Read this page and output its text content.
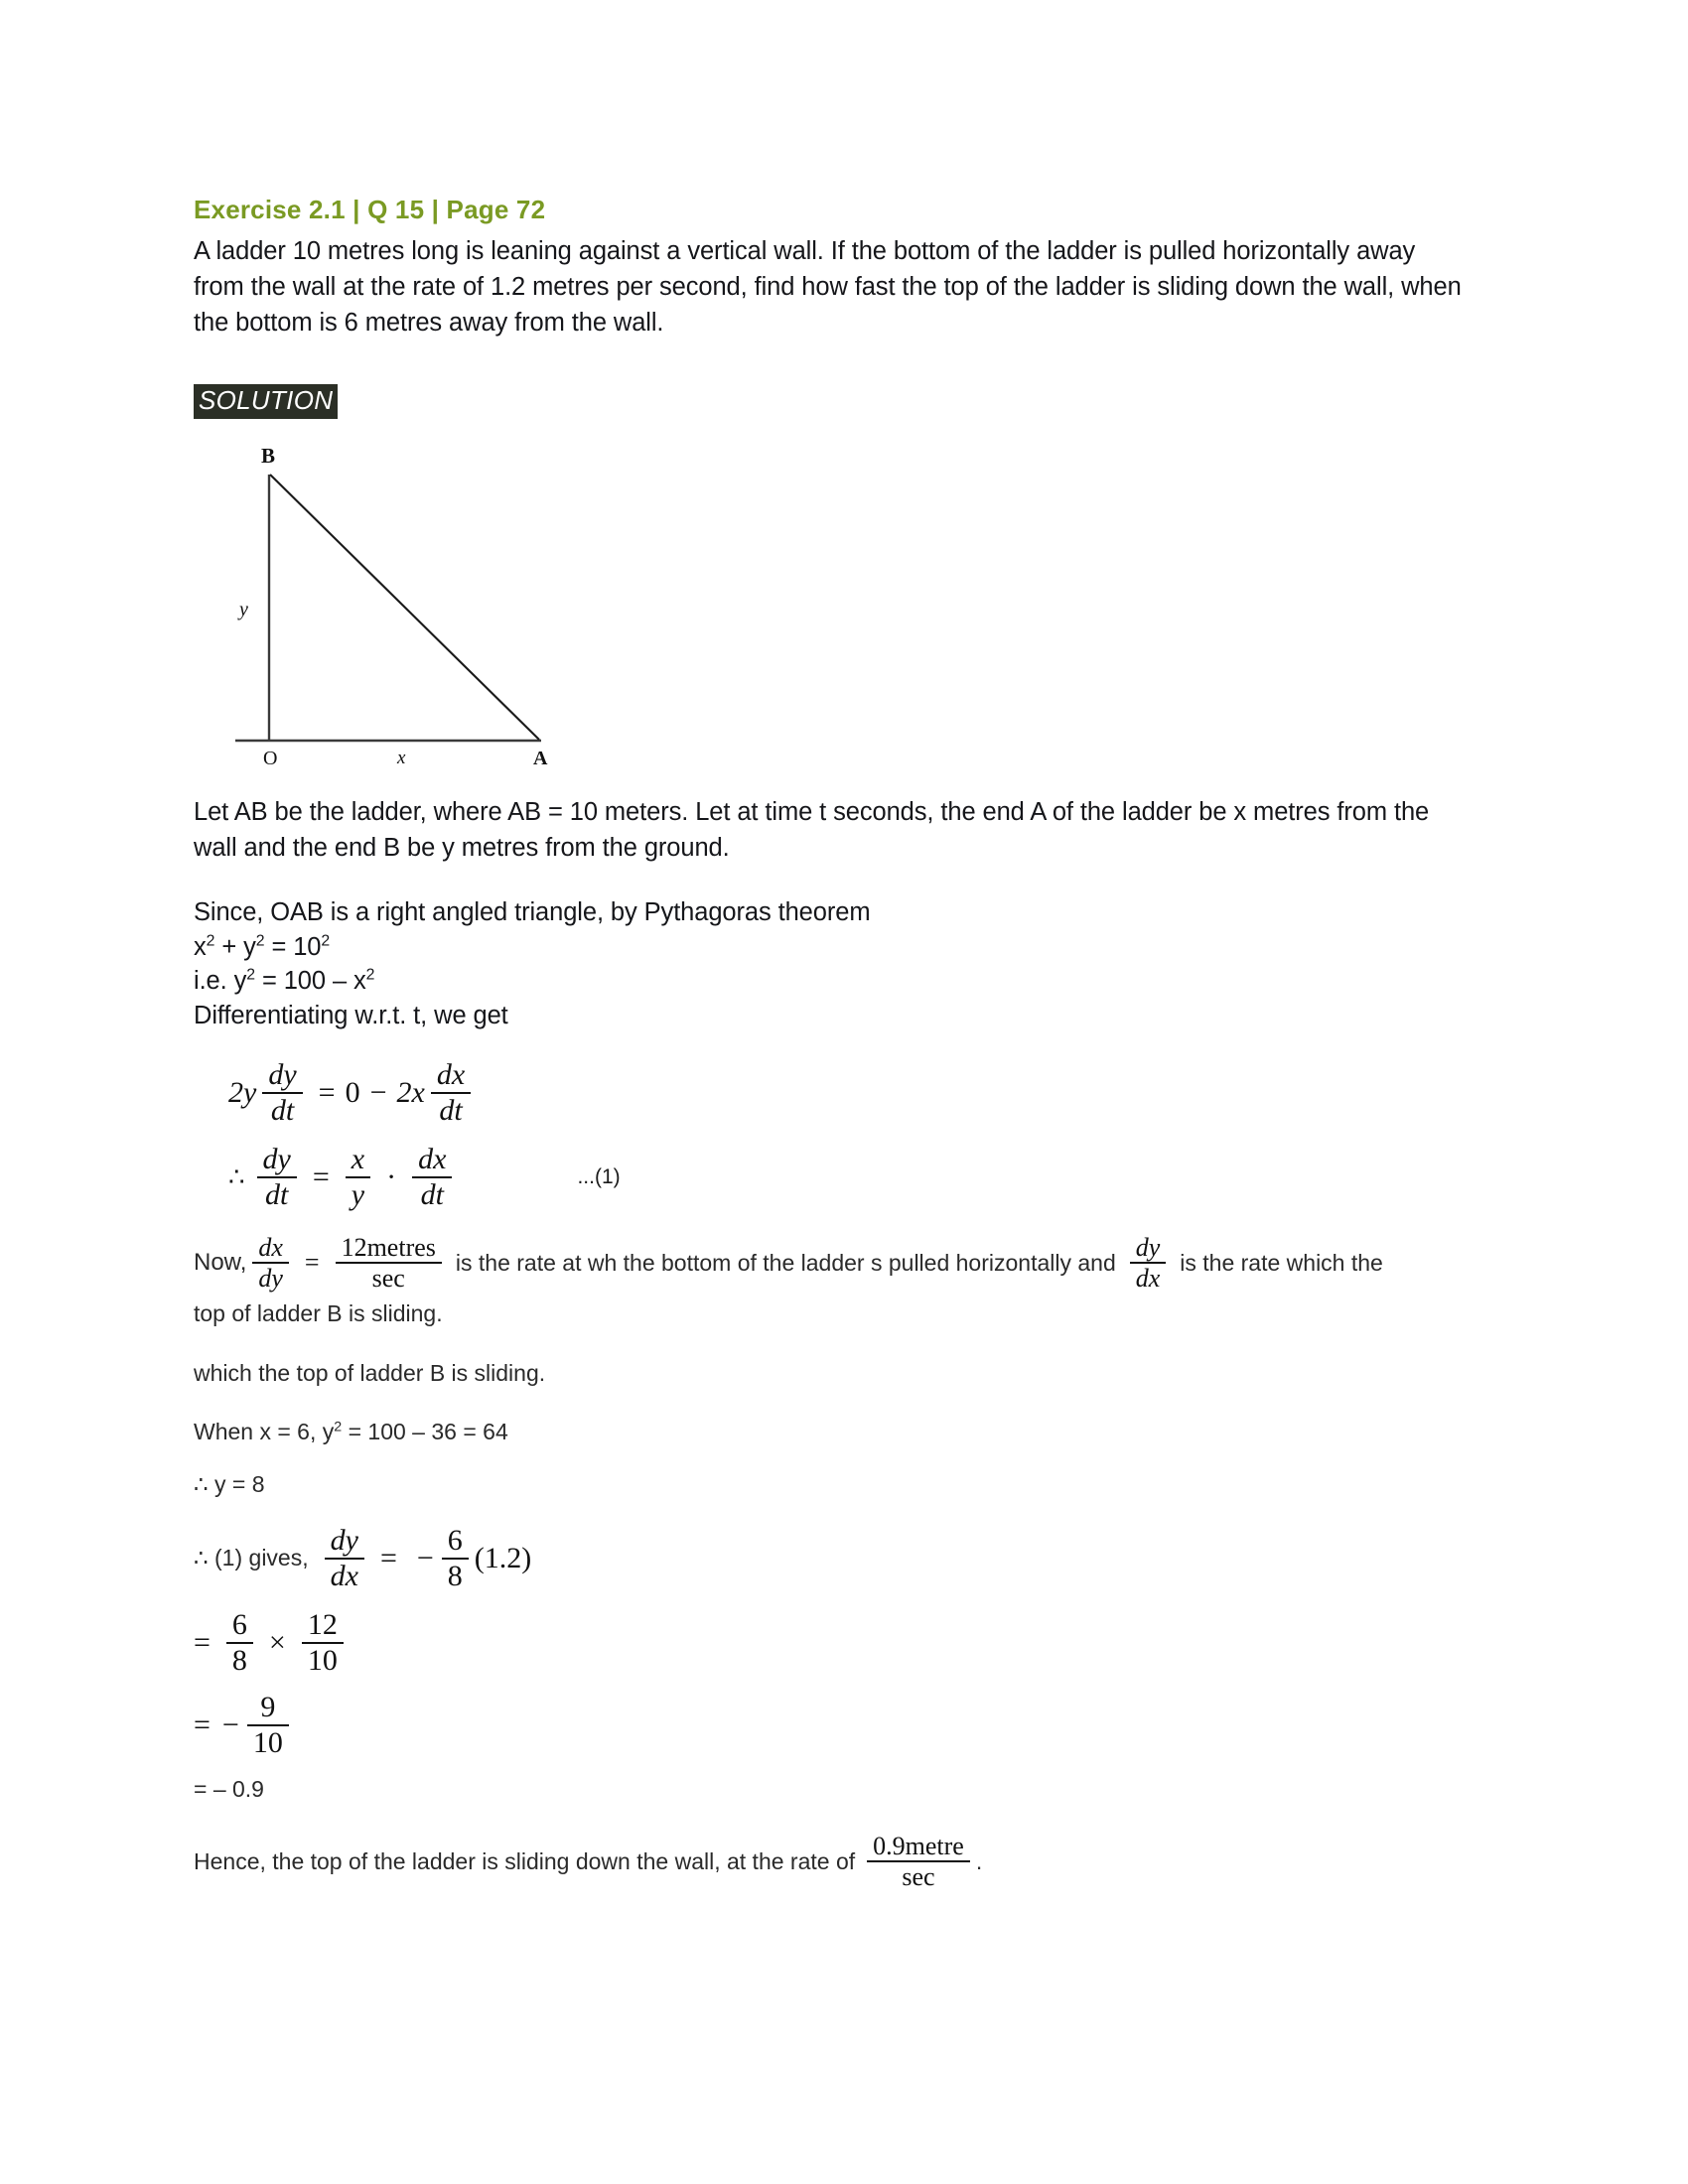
Exercise 2.1 | Q 15 | Page 72

A ladder 10 metres long is leaning against a vertical wall. If the bottom of the ladder is pulled horizontally away from the wall at the rate of 1.2 metres per second, find how fast the top of the ladder is sliding down the wall, when the bottom is 6 metres away from the wall.

SOLUTION
B
O	A
y
x

Let AB be the ladder, where AB = 10 meters. Let at time t seconds, the end A of the ladder be x metres from the wall and the end B be y metres from the ground.

Since, OAB is a right angled triangle, by Pythagoras theorem
$x^2 + y^2 = 10^2$
i.e. $y^2 = 100 - x^2$
Differentiating w.r.t. t, we get
$2y \frac{dy}{dt} = 0 - 2x \frac{dx}{dt}$
∴ $\frac{dy}{dt} = \frac{x}{y} \cdot \frac{dx}{dt}$	...(1)
Now, $\frac{dx}{dy} = \frac{\text{12metres}}{\sec}$ is the rate at wh the bottom of the ladder s pulled horizontally and $\frac{dy}{dx}$ is the rate which the
top of ladder B is sliding.
which the top of ladder B is sliding.
When x = 6, $y^2 = 100 - 36 = 64$
∴ y = 8
∴ (1) gives, $\frac{dy}{dx}$ = − $\frac{6}{8} (1.2)$
= $\frac{6}{8} \times \frac{12}{10}$
= − $\frac{9}{10}$
= – 0.9
Hence, the top of the ladder is sliding down the wall, at the rate of $\frac{\text{0.9metre}}{\sec}$ .
